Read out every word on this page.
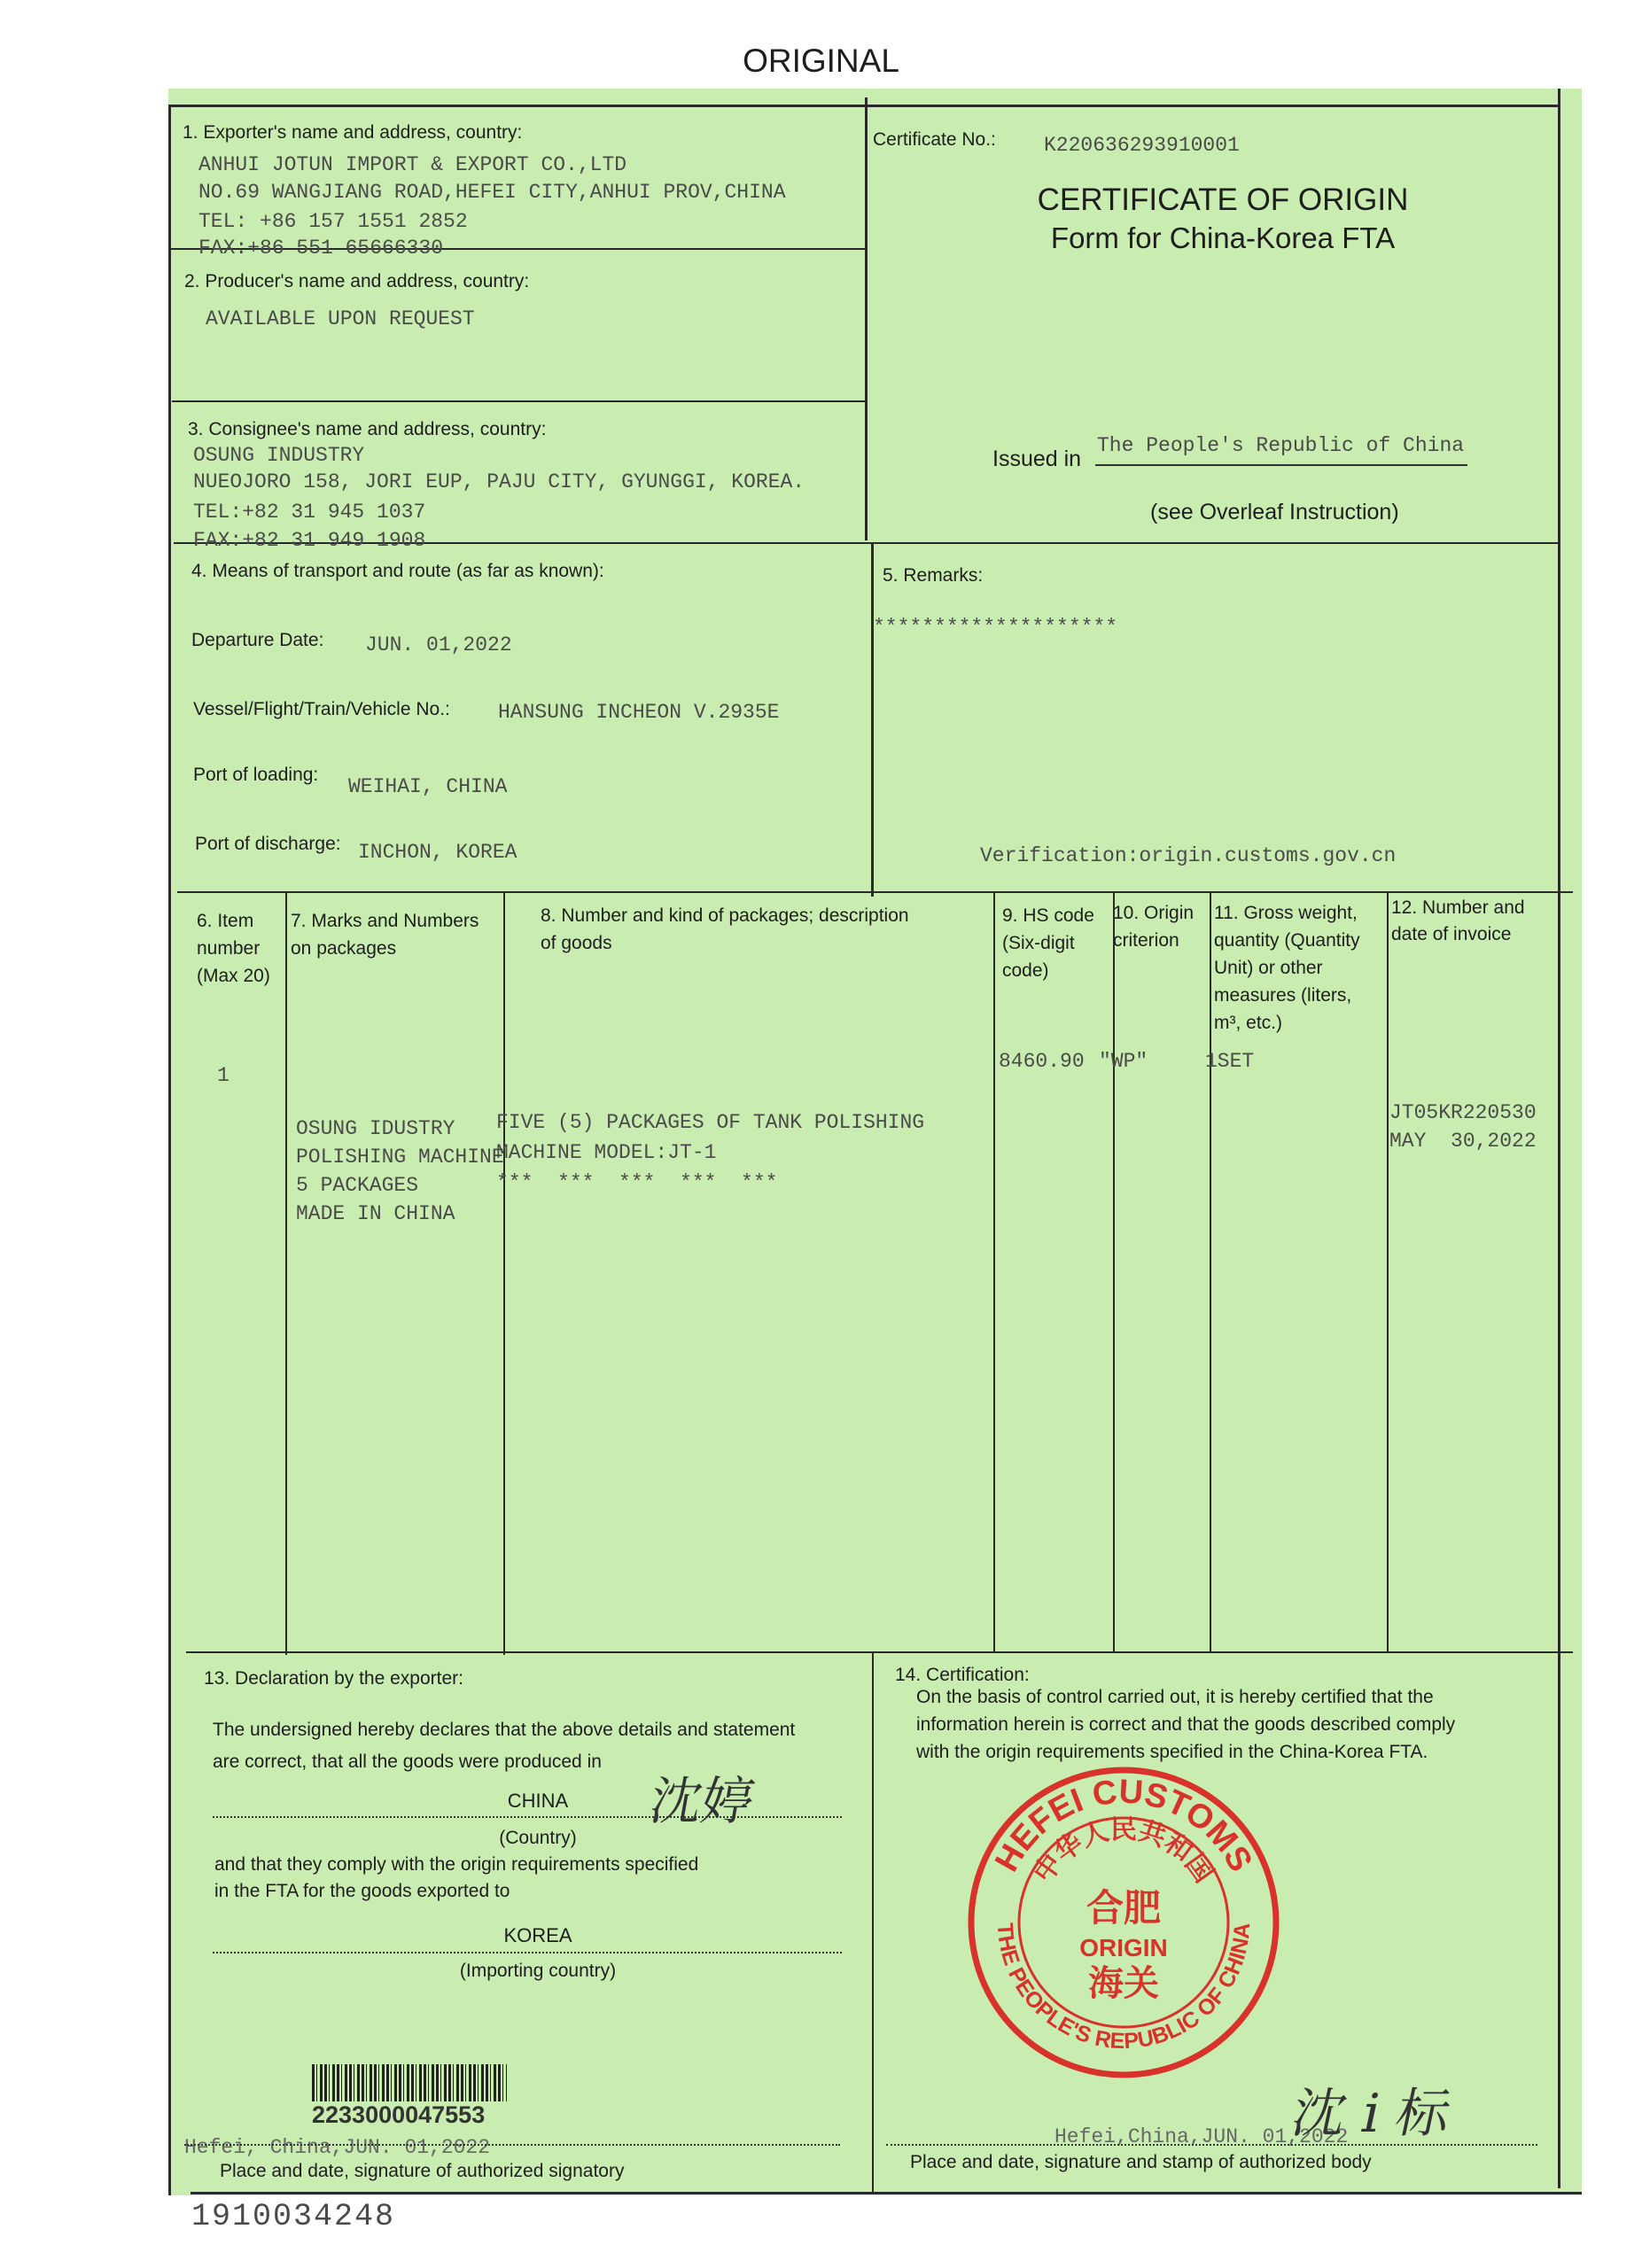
ORIGINAL
1. Exporter's name and address, country:
ANHUI JOTUN IMPORT & EXPORT CO.,LTD
NO.69 WANGJIANG ROAD,HEFEI CITY,ANHUI PROV,CHINA
TEL: +86 157 1551 2852
FAX:+86 551 65666330
2. Producer's name and address, country:
AVAILABLE UPON REQUEST
3. Consignee's name and address, country:
OSUNG INDUSTRY
NUEOJORO 158, JORI EUP, PAJU CITY, GYUNGGI, KOREA.
TEL:+82 31 945 1037
FAX:+82 31 949 1908
Certificate No.: K220636293910001
CERTIFICATE OF ORIGIN
Form for China-Korea FTA
Issued in
The People's Republic of China
(see Overleaf Instruction)
4. Means of transport and route (as far as known):
Departure Date: JUN. 01,2022
Vessel/Flight/Train/Vehicle No.: HANSUNG INCHEON V.2935E
Port of loading:
WEIHAI, CHINA
Port of discharge: INCHON, KOREA
5. Remarks:
********************
Verification:origin.customs.gov.cn
6. Item
number
(Max 20)
7. Marks and Numbers
on packages
8. Number and kind of packages; description
of goods
9. HS code
(Six-digit
code)
10. Origin
criterion
11. Gross weight,
quantity (Quantity
Unit) or other
measures (liters,
m³, etc.)
12. Number and
date of invoice
1

OSUNG IDUSTRY
POLISHING MACHINE
5 PACKAGES
MADE IN CHINA

FIVE (5) PACKAGES OF TANK POLISHING
MACHINE MODEL:JT-1
***  ***  ***  ***  ***

8460.90 "WP"	1SET

JT05KR220530
MAY  30,2022

13. Declaration by the exporter:
The undersigned hereby declares that the above details and statement
are correct, that all the goods were produced in
CHINA	沈婷
(Country)
and that they comply with the origin requirements specified
in the FTA for the goods exported to
KOREA
(Importing country)
2233000047553
Hefei, China,JUN. 01,2022
Place and date, signature of authorized signatory
14. Certification:
On the basis of control carried out, it is hereby certified that the
information herein is correct and that the goods described comply
with the origin requirements specified in the China-Korea FTA.
HEFEI CUSTOMS
中华人民共和国
THE PEOPLE'S REPUBLIC OF CHINA
合肥
ORIGIN
海关
Hefei,China,JUN. 01,2022
沈 i 标
Place and date, signature and stamp of authorized body
1910034248
